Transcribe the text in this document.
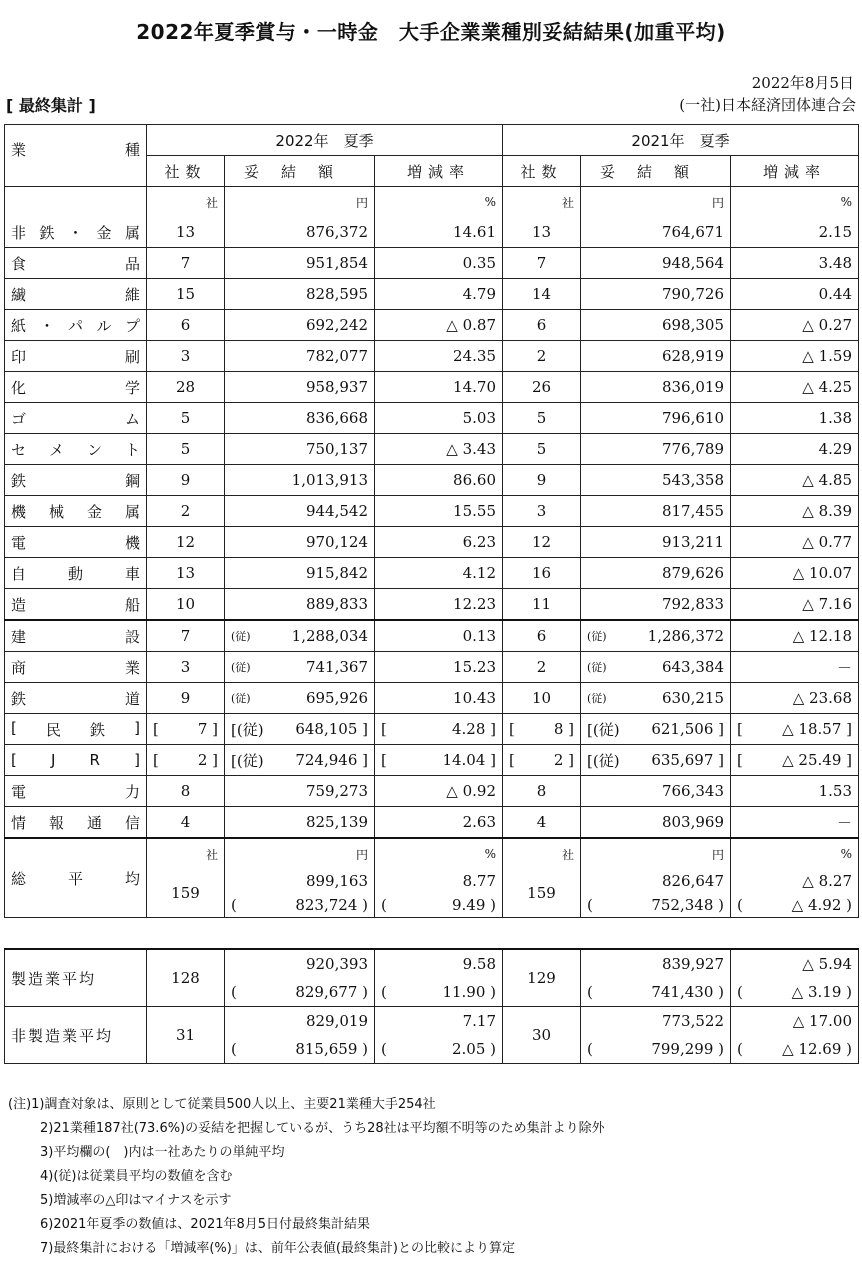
2022年夏季賞与・一時金　大手企業業種別妥結結果(加重平均)
2022年8月5日
[ 最終集計 ]	(一社)日本経済団体連合会
業 種	2022年　夏季			2021年　夏季		
	社数	妥結額	増減率	社数	妥結額	増減率
	社	円	%	社	円	%

非 鉄 ・ 金 属	13	876,372	14.61	13	764,671	2.15

食 品	7	951,854	0.35	7	948,564	3.48

繊 維	15	828,595	4.79	14	790,726	0.44

紙 ・ パ ル プ	6	692,242	△ 0.87	6	698,305	△ 0.27

印 刷	3	782,077	24.35	2	628,919	△ 1.59

化 学	28	958,937	14.70	26	836,019	△ 4.25

ゴ ム	5	836,668	5.03	5	796,610	1.38

セ メ ン ト	5	750,137	△ 3.43	5	776,789	4.29

鉄 鋼	9	1,013,913	86.60	9	543,358	△ 4.85

機 械 金 属	2	944,542	15.55	3	817,455	△ 8.39

電 機	12	970,124	6.23	12	913,211	△ 0.77

自 動 車	13	915,842	4.12	16	879,626	△ 10.07

造 船	10	889,833	12.23	11	792,833	△ 7.16

建 設	7	(従) 1,288,034	0.13	6	(従) 1,286,372	△ 12.18

商 業	3	(従) 741,367	15.23	2	(従) 643,384	－

鉄 道	9	(従) 695,926	10.43	10	(従) 630,215	△ 23.68

[ 民 鉄 ]	[ 7 ]	[(従) 648,105 ]	[ 4.28 ]	[ 8 ]	[(従) 621,506 ]	[ △ 18.57 ]

[ J R ]	[ 2 ]	[(従) 724,946 ]	[ 14.04 ]	[ 2 ]	[(従) 635,697 ]	[ △ 25.49 ]

電 力	8	759,273	△ 0.92	8	766,343	1.53

情 報 通 信	4	825,139	2.63	4	803,969	－

総 平 均	社	円	%	社	円	%
	159	899,163	8.77	159	826,647	△ 8.27

		( 823,724 )	( 9.49 )		( 752,348 )	( △ 4.92 )

製造業平均	128	920,393	9.58	129	839,927	△ 5.94

		( 829,677 )	( 11.90 )		( 741,430 )	( △ 3.19 )

非製造業平均	31	829,019	7.17	30	773,522	△ 17.00

		( 815,659 )	( 2.05 )		( 799,299 )	( △ 12.69 )
(注)1)調査対象は、原則として従業員500人以上、主要21業種大手254社
2)21業種187社(73.6%)の妥結を把握しているが、うち28社は平均額不明等のため集計より除外
3)平均欄の(　)内は一社あたりの単純平均
4)(従)は従業員平均の数値を含む
5)増減率の△印はマイナスを示す
6)2021年夏季の数値は、2021年8月5日付最終集計結果
7)最終集計における「増減率(%)」は、前年公表値(最終集計)との比較により算定
